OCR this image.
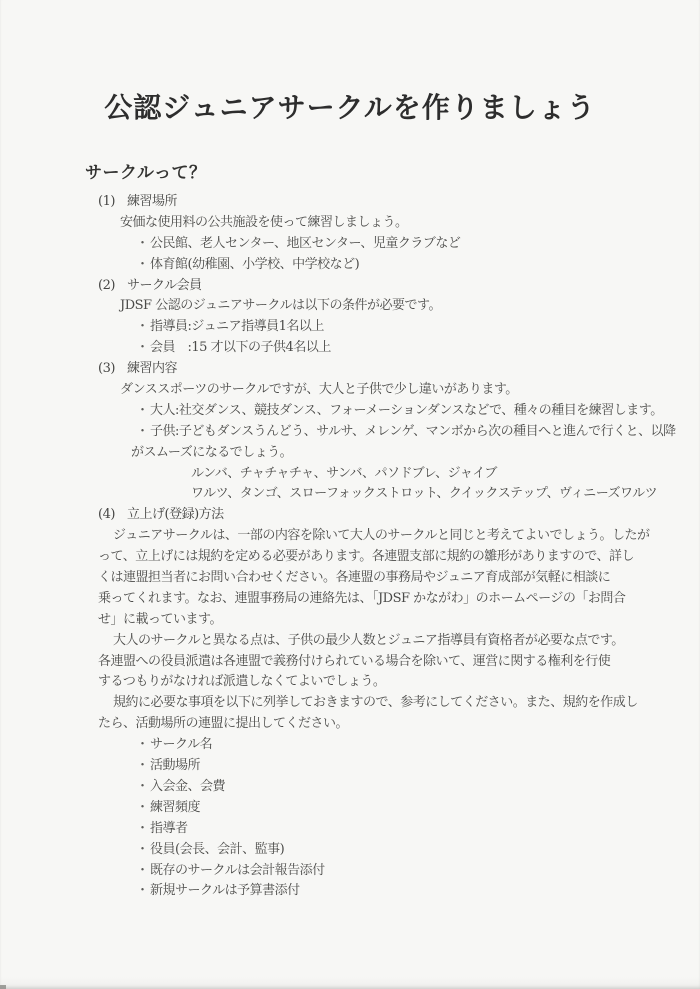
公認ジュニアサークルを作りましょう
サークルって？
(1) 練習場所
安価な使用料の公共施設を使って練習しましょう。
・公民館、老人センター、地区センター、児童クラブなど
・体育館(幼稚園、小学校、中学校など)
(2) サークル会員
JDSF 公認のジュニアサークルは以下の条件が必要です。
・指導員:ジュニア指導員1名以上
・会員　:15 才以下の子供4名以上
(3) 練習内容
ダンススポーツのサークルですが、大人と子供で少し違いがあります。
・大人:社交ダンス、競技ダンス、フォーメーションダンスなどで、種々の種目を練習します。
・子供:子どもダンスうんどう、サルサ、メレンゲ、マンボから次の種目へと進んで行くと、以降
がスムーズになるでしょう。
ルンバ、チャチャチャ、サンバ、パソドブレ、ジャイブ
ワルツ、タンゴ、スローフォックストロット、クイックステップ、ヴィニーズワルツ
(4) 立上げ(登録)方法
ジュニアサークルは、一部の内容を除いて大人のサークルと同じと考えてよいでしょう。したが
って、立上げには規約を定める必要があります。各連盟支部に規約の雛形がありますので、詳し
くは連盟担当者にお問い合わせください。各連盟の事務局やジュニア育成部が気軽に相談に
乗ってくれます。なお、連盟事務局の連絡先は、「JDSF かながわ」のホームページの「お問合
せ」に載っています。
大人のサークルと異なる点は、子供の最少人数とジュニア指導員有資格者が必要な点です。
各連盟への役員派遣は各連盟で義務付けられている場合を除いて、運営に関する権利を行使
するつもりがなければ派遣しなくてよいでしょう。
規約に必要な事項を以下に列挙しておきますので、参考にしてください。また、規約を作成し
たら、活動場所の連盟に提出してください。
・サークル名
・活動場所
・入会金、会費
・練習頻度
・指導者
・役員(会長、会計、監事)
・既存のサークルは会計報告添付
・新規サークルは予算書添付
